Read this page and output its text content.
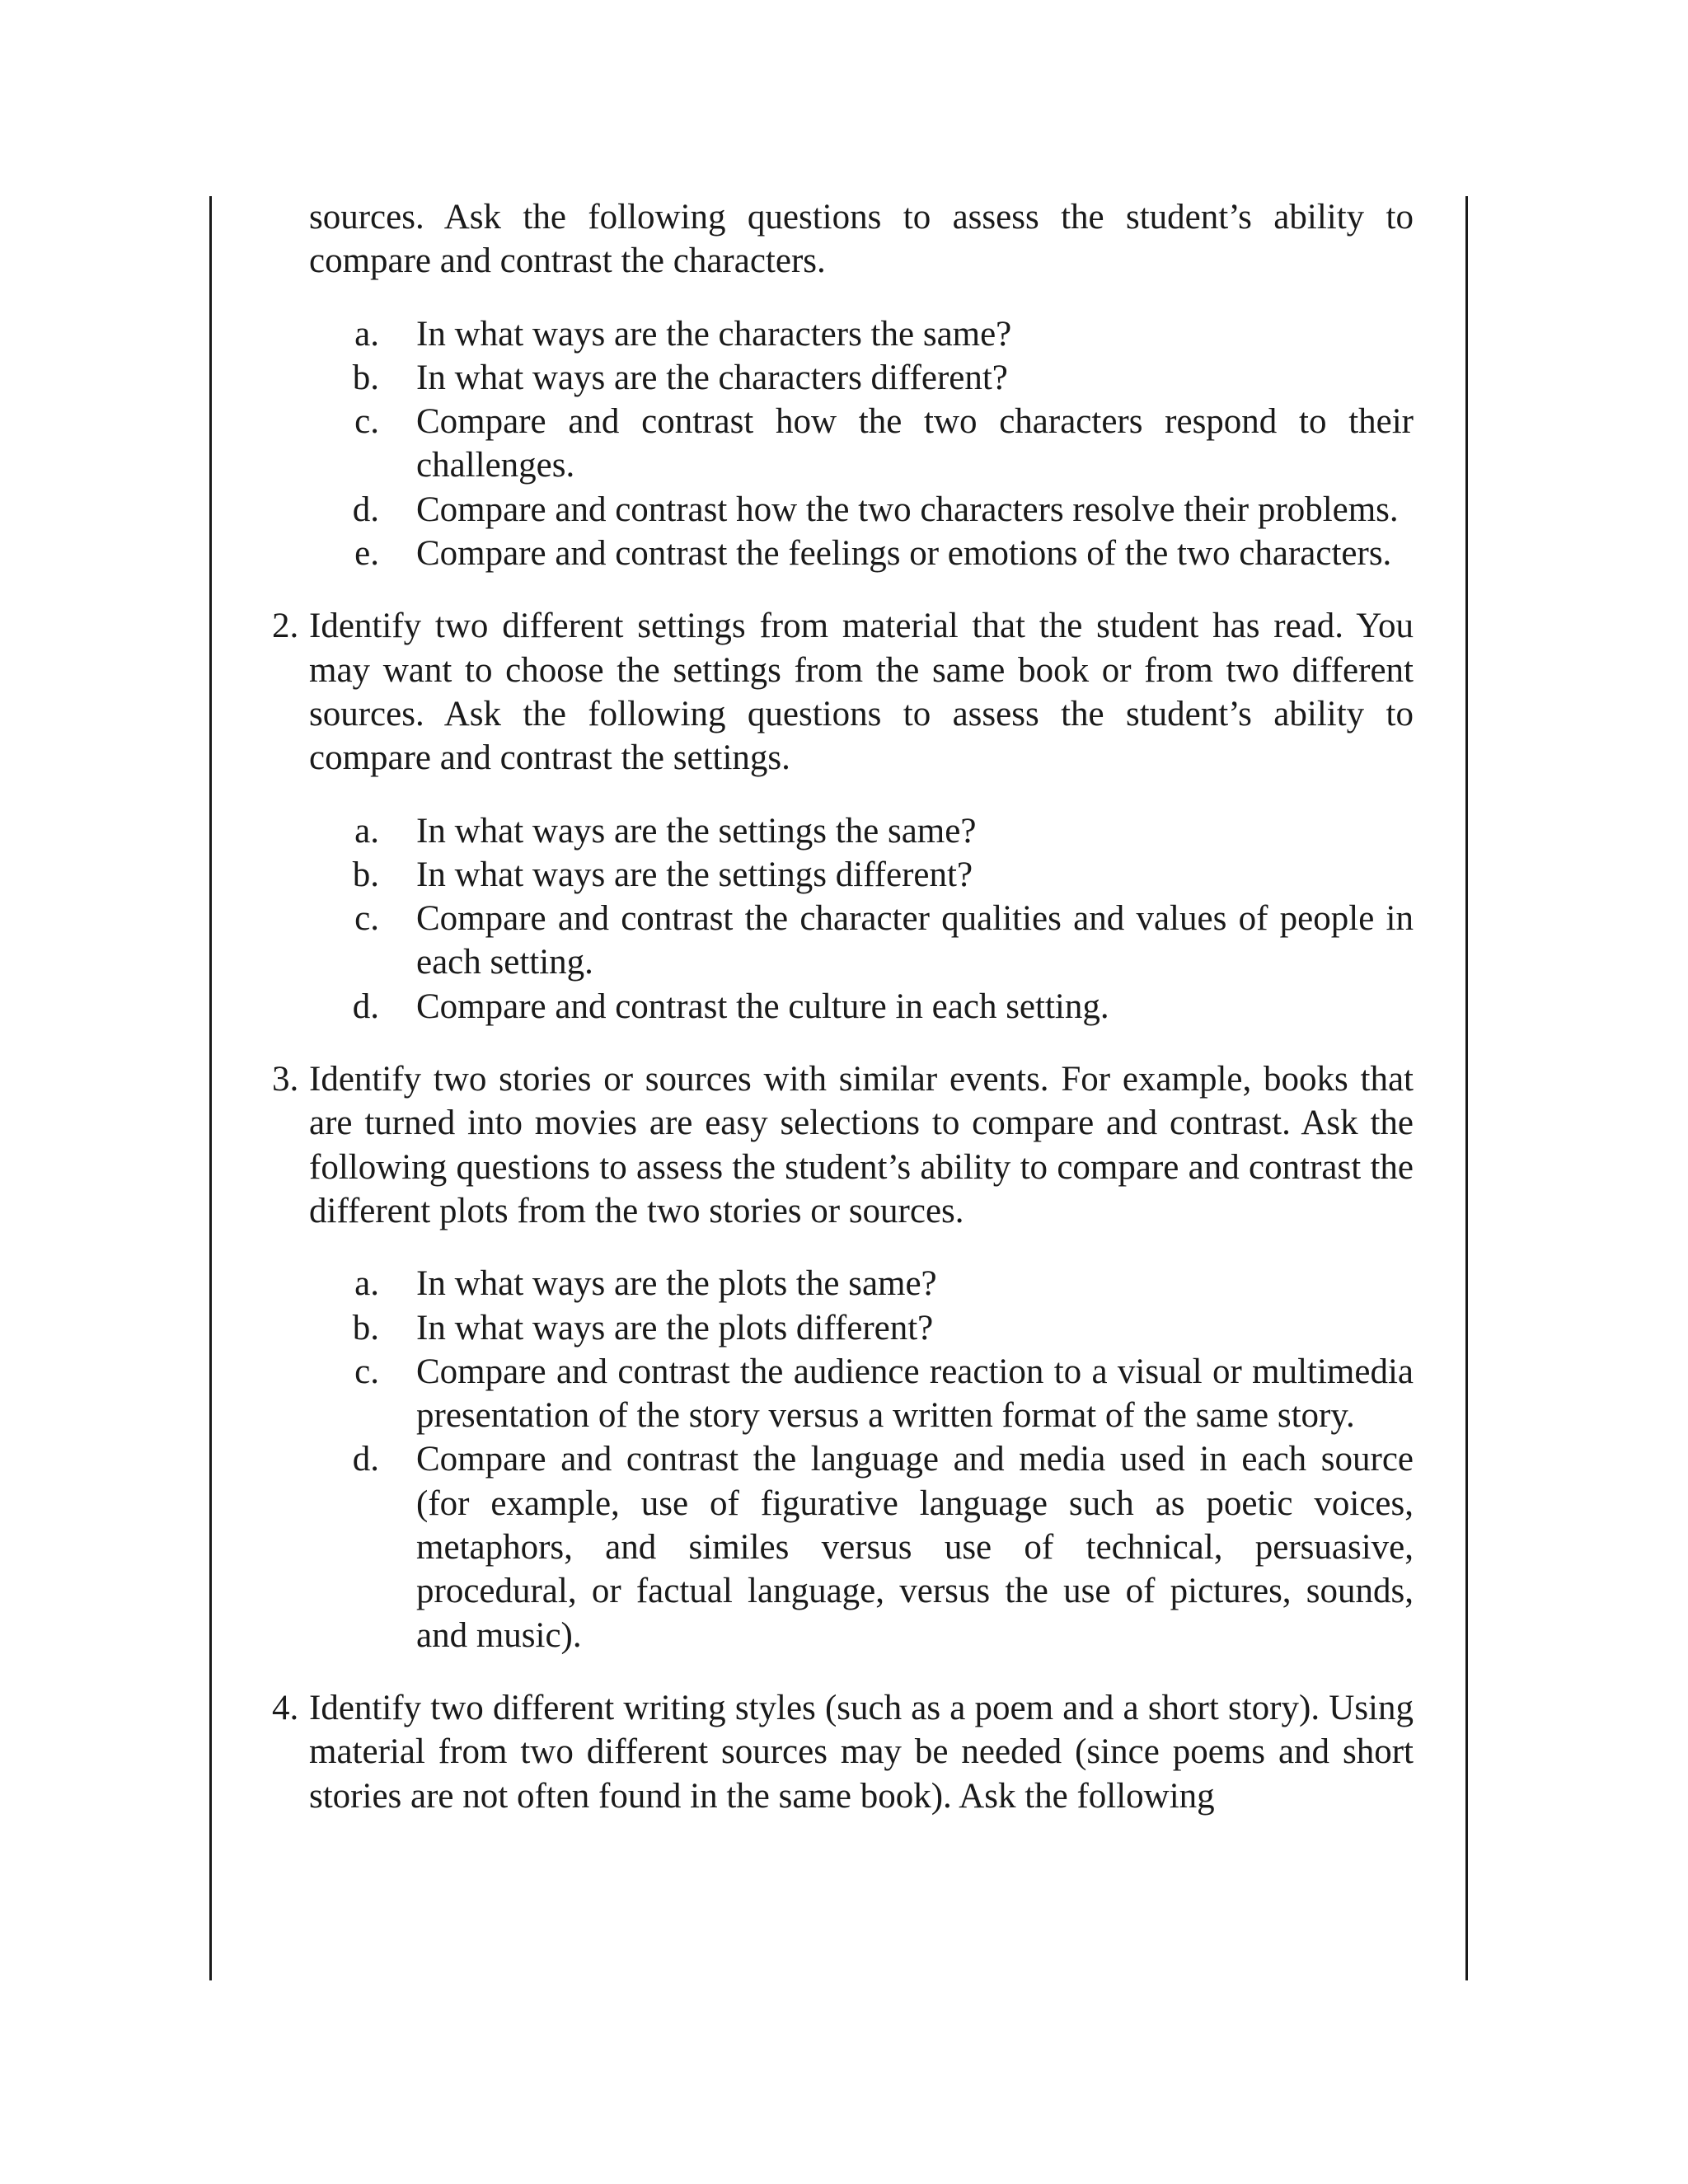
sources. Ask the following questions to assess the student’s ability to compare and contrast the characters.

a. In what ways are the characters the same?
b. In what ways are the characters different?
c. Compare and contrast how the two characters respond to their challenges.
d. Compare and contrast how the two characters resolve their problems.
e. Compare and contrast the feelings or emotions of the two characters.
2. Identify two different settings from material that the student has read. You may want to choose the settings from the same book or from two different sources. Ask the following questions to assess the student’s ability to compare and contrast the settings.
a. In what ways are the settings the same?
b. In what ways are the settings different?
c. Compare and contrast the character qualities and values of people in each setting.
d. Compare and contrast the culture in each setting.
3. Identify two stories or sources with similar events. For example, books that are turned into movies are easy selections to compare and contrast. Ask the following questions to assess the student’s ability to compare and contrast the different plots from the two stories or sources.
a. In what ways are the plots the same?
b. In what ways are the plots different?
c. Compare and contrast the audience reaction to a visual or multimedia presentation of the story versus a written format of the same story.
d. Compare and contrast the language and media used in each source (for example, use of figurative language such as poetic voices, metaphors, and similes versus use of technical, persuasive, procedural, or factual language, versus the use of pictures, sounds, and music).
4. Identify two different writing styles (such as a poem and a short story). Using material from two different sources may be needed (since poems and short stories are not often found in the same book). Ask the following
